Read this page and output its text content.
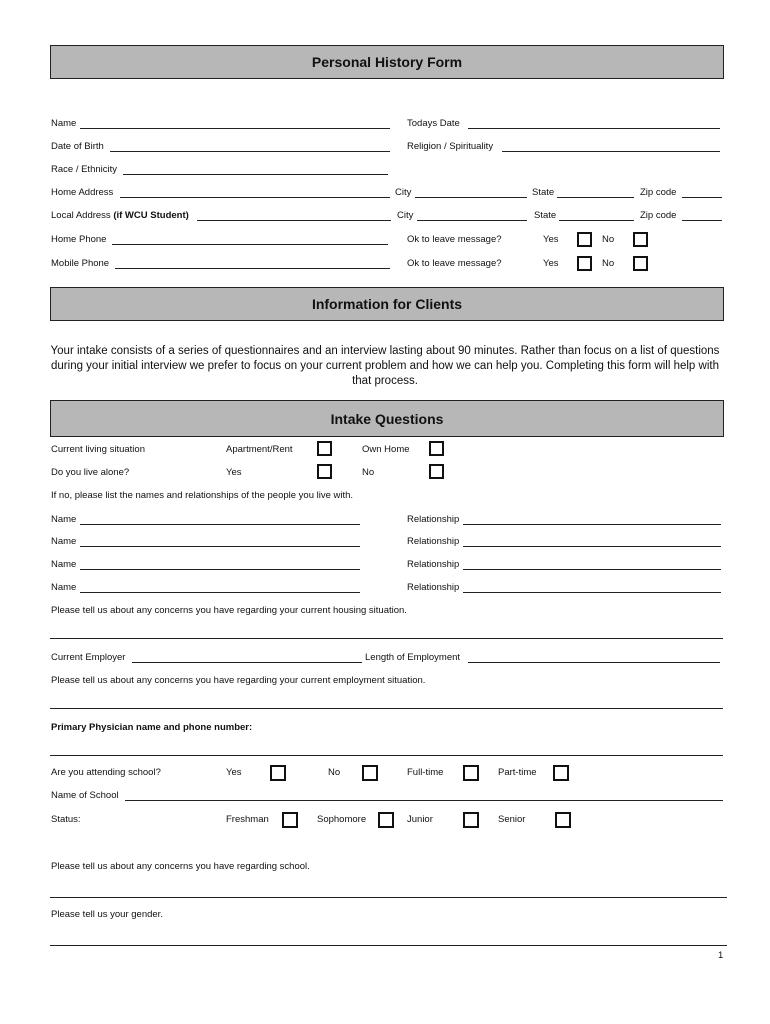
Personal History Form
Name	Todays Date
Date of Birth	Religion / Spirituality
Race / Ethnicity
Home Address	City	State	Zip code
Local Address (if WCU Student)	City	State	Zip code
Home Phone	Ok to leave message?	Yes	No
Mobile Phone	Ok to leave message?	Yes	No
Information for Clients
Your intake consists of a series of questionnaires and an interview lasting about 90 minutes. Rather than focus on a list of questions during your initial interview we prefer to focus on your current problem and how we can help you. Completing this form will help with that process.
Intake Questions
Current living situation	Apartment/Rent	Own Home
Do you live alone?	Yes	No
If no, please list the names and relationships of the people you live with.
Name	Relationship
Name	Relationship
Name	Relationship
Name	Relationship
Please tell us about any concerns you have regarding your current housing situation.
Current Employer	Length of Employment
Please tell us about any concerns you have regarding your current employment situation.
Primary Physician name and phone number:
Are you attending school?	Yes	No	Full-time	Part-time
Name of School
Status:	Freshman	Sophomore	Junior	Senior
Please tell us about any concerns you have regarding school.
Please tell us your gender.
1
